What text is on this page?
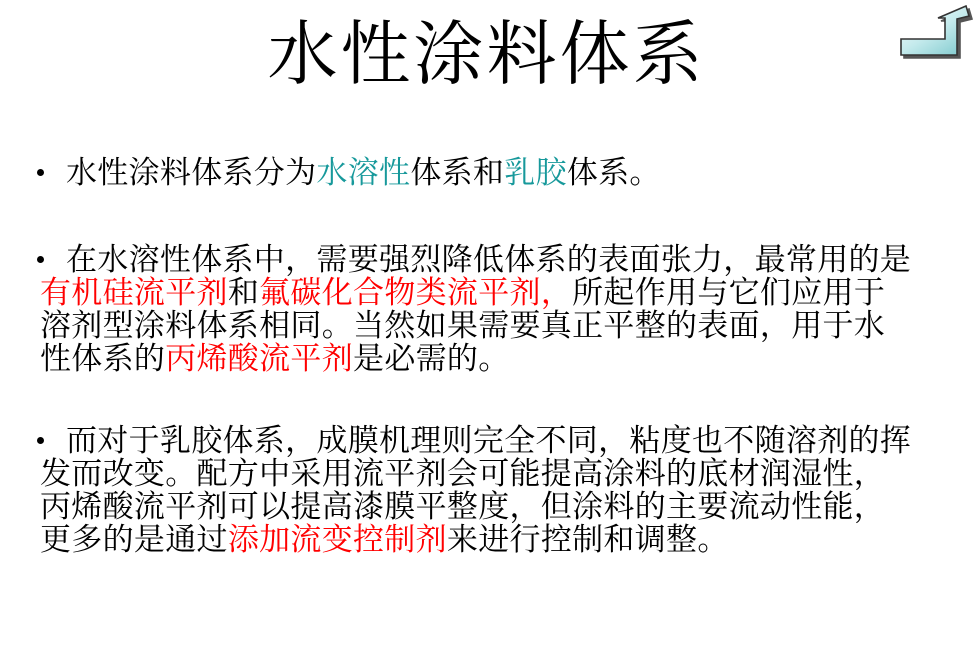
水性涂料体系
水性涂料体系分为水溶性体系和乳胶体系。
在水溶性体系中，需要强烈降低体系的表面张力，最常用的是
有机硅流平剂和氟碳化合物类流平剂，所起作用与它们应用于
溶剂型涂料体系相同。当然如果需要真正平整的表面，用于水
性体系的丙烯酸流平剂是必需的。
而对于乳胶体系，成膜机理则完全不同，粘度也不随溶剂的挥
发而改变。配方中采用流平剂会可能提高涂料的底材润湿性，
丙烯酸流平剂可以提高漆膜平整度，但涂料的主要流动性能，
更多的是通过添加流变控制剂来进行控制和调整。
